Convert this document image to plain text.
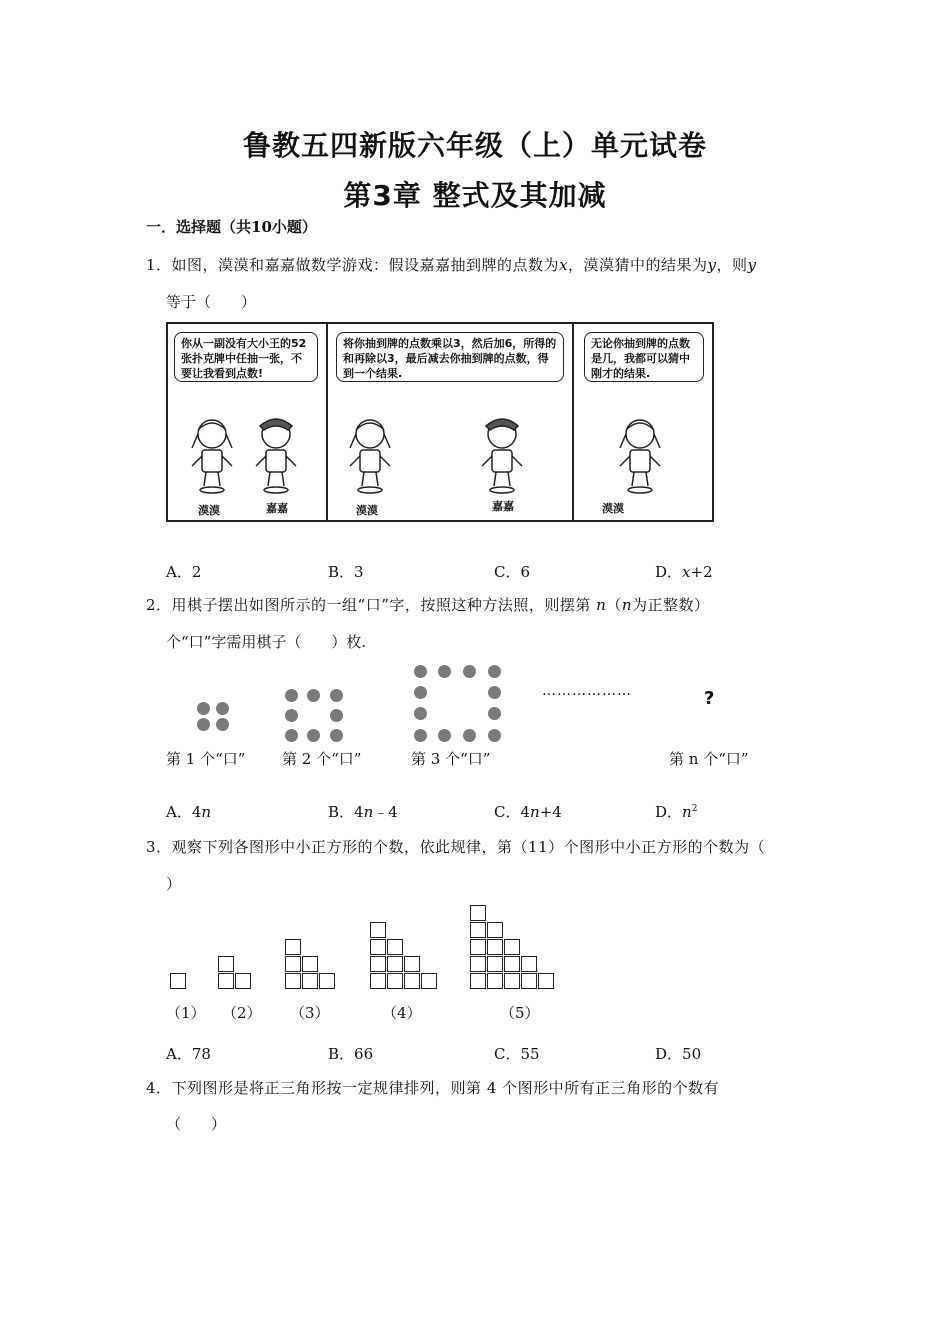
鲁教五四新版六年级（上）单元试卷
第3章 整式及其加减
一．选择题（共10小题）
1．如图，漠漠和嘉嘉做数学游戏：假设嘉嘉抽到牌的点数为x，漠漠猜中的结果为y，则y
等于（　　）
你从一副没有大小王的52张扑克牌中任抽一张，不要让我看到点数!
漠漠	嘉嘉
将你抽到牌的点数乘以3，然后加6，所得的和再除以3，最后减去你抽到牌的点数，得到一个结果.
漠漠	嘉嘉
无论你抽到牌的点数是几，我都可以猜中刚才的结果.
漠漠
A．2	B．3	C．6	D．x+2
2．用棋子摆出如图所示的一组“口”字，按照这种方法照，则摆第 n（n为正整数）
个“口”字需用棋子（　　）枚.
………………	?
第 1 个“口” 第 2 个“口”	第 3 个“口”	第 n 个“口”
A．4n	B．4n﹣4	C．4n+4	D．$n^2$
3．观察下列各图形中小正方形的个数，依此规律，第（11）个图形中小正方形的个数为（
）
（1） （2） （3）	（4）	（5）
A．78	B．66	C．55	D．50
4．下列图形是将正三角形按一定规律排列，则第 4 个图形中所有正三角形的个数有
（　　）
